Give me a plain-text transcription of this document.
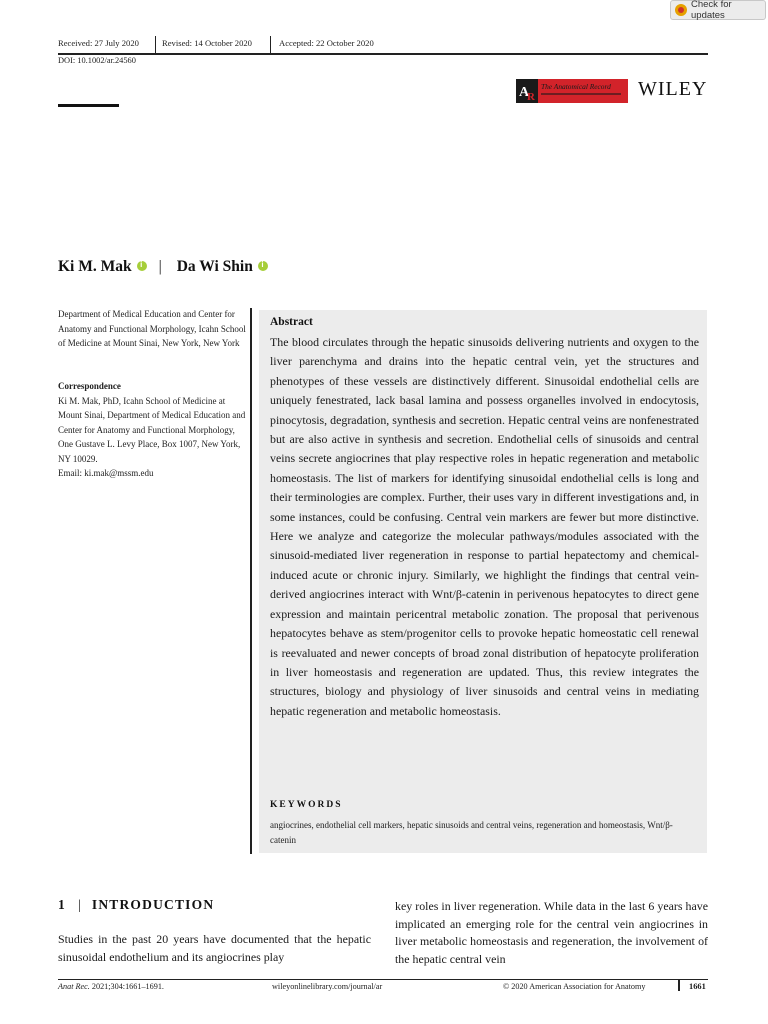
Check for updates
Received: 27 July 2020	Revised: 14 October 2020	Accepted: 22 October 2020
DOI: 10.1002/ar.24560
A
R
The Anatomical Record WILEY
Ki M. Mak
i | Da Wi Shin
i
Department of Medical Education and Center for Anatomy and Functional Morphology, Icahn School of Medicine at Mount Sinai, New York, New York
Correspondence
Ki M. Mak, PhD, Icahn School of Medicine at Mount Sinai, Department of Medical Education and Center for Anatomy and Functional Morphology, One Gustave L. Levy Place, Box 1007, New York, NY 10029.
Email: ki.mak@mssm.edu
Abstract
The blood circulates through the hepatic sinusoids delivering nutrients and oxygen to the liver parenchyma and drains into the hepatic central vein, yet the structures and phenotypes of these vessels are distinctively different. Sinusoidal endothelial cells are uniquely fenestrated, lack basal lamina and possess organelles involved in endocytosis, pinocytosis, degradation, synthesis and secretion. Hepatic central veins are nonfenestrated but are also active in synthesis and secretion. Endothelial cells of sinusoids and central veins secrete angiocrines that play respective roles in hepatic regeneration and metabolic homeostasis. The list of markers for identifying sinusoidal endothelial cells is long and their terminologies are complex. Further, their uses vary in different investigations and, in some instances, could be confusing. Central vein markers are fewer but more distinctive. Here we analyze and categorize the molecular pathways/modules associated with the sinusoid-mediated liver regeneration in response to partial hepatectomy and chemical-induced acute or chronic injury. Similarly, we highlight the findings that central vein-derived angiocrines interact with Wnt/β-catenin in perivenous hepatocytes to direct gene expression and maintain pericentral metabolic zonation. The proposal that perivenous hepatocytes behave as stem/progenitor cells to provoke hepatic homeostatic cell renewal is reevaluated and newer concepts of broad zonal distribution of hepatocyte proliferation in liver homeostasis and regeneration are updated. Thus, this review integrates the structures, biology and physiology of liver sinusoids and central veins in mediating hepatic regeneration and metabolic homeostasis.
KEYWORDS
angiocrines, endothelial cell markers, hepatic sinusoids and central veins, regeneration and homeostasis, Wnt/β-catenin
1 | INTRODUCTION
Studies in the past 20 years have documented that the hepatic sinusoidal endothelium and its angiocrines play
key roles in liver regeneration. While data in the last 6 years have implicated an emerging role for the central vein angiocrines in liver metabolic homeostasis and regeneration, the involvement of the hepatic central vein
Anat Rec. 2021;304:1661–1691.	wileyonlinelibrary.com/journal/ar	© 2020 American Association for Anatomy	1661
